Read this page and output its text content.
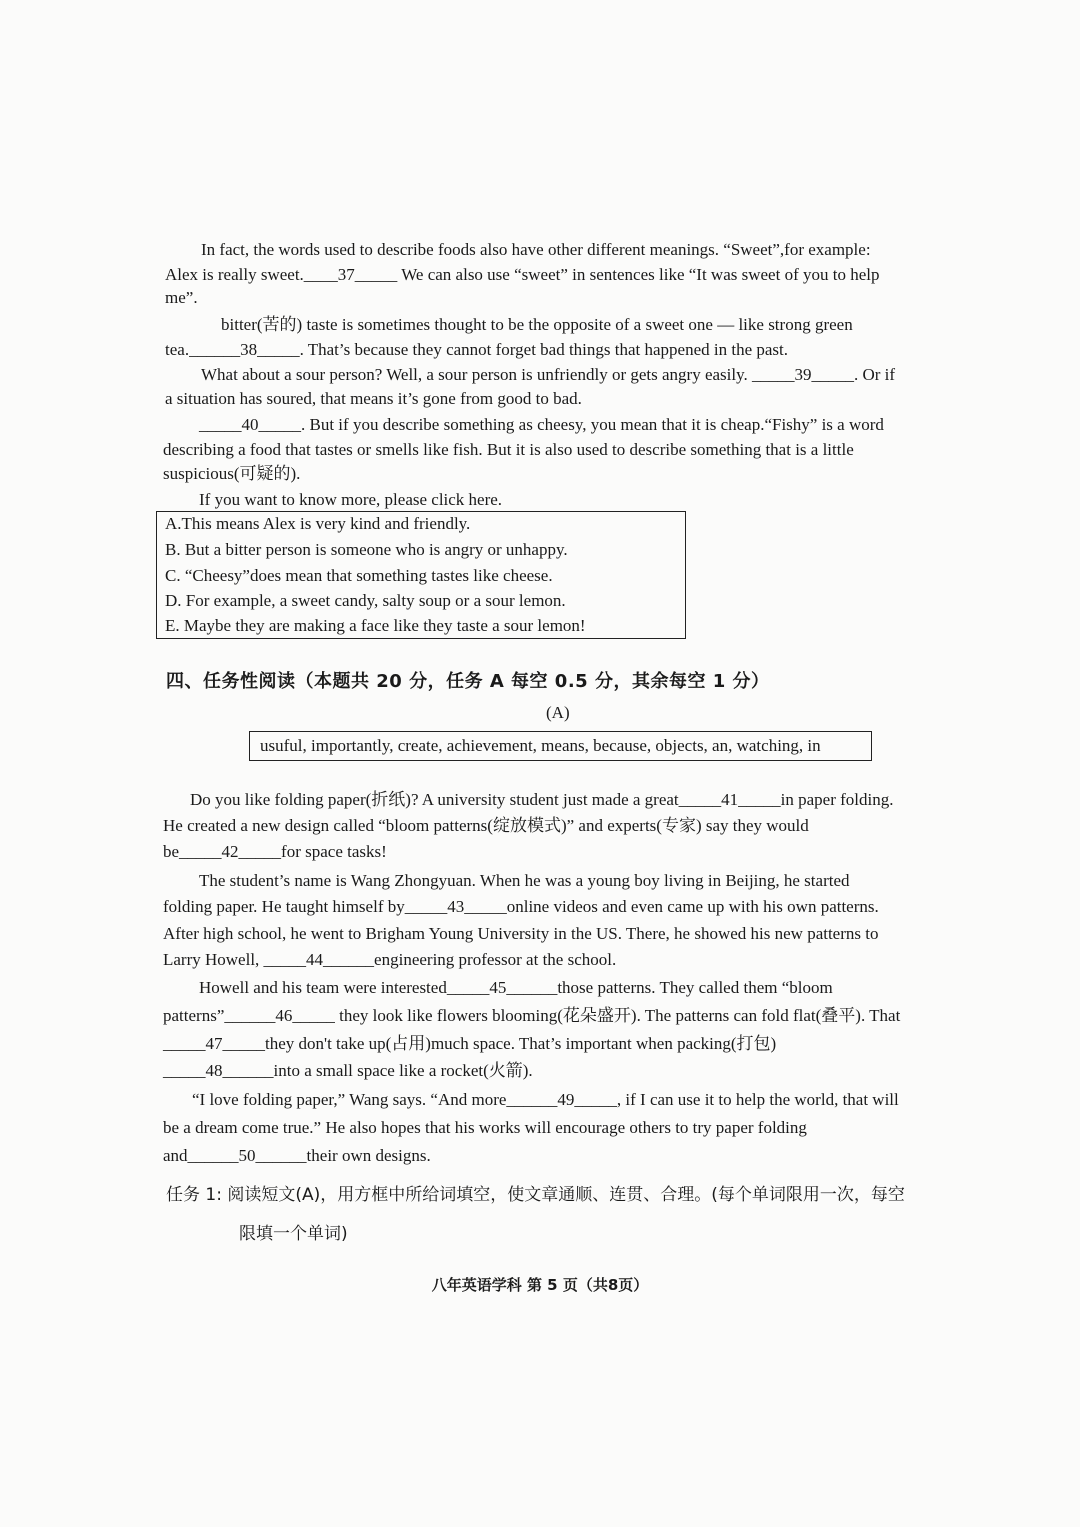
In fact, the words used to describe foods also have other different meanings. “Sweet”,for example:
Alex is really sweet.____37_____ We can also use “sweet” in sentences like “It was sweet of you to help
me”.
bitter(苦的) taste is sometimes thought to be the opposite of a sweet one — like strong green
tea.______38_____. That’s because they cannot forget bad things that happened in the past.
What about a sour person? Well, a sour person is unfriendly or gets angry easily. _____39_____. Or if
a situation has soured, that means it’s gone from good to bad.
_____40_____. But if you describe something as cheesy, you mean that it is cheap.“Fishy” is a word
describing a food that tastes or smells like fish. But it is also used to describe something that is a little
suspicious(可疑的).
If you want to know more, please click here.
A.This means Alex is very kind and friendly.
B. But a bitter person is someone who is angry or unhappy.
C. “Cheesy”does mean that something tastes like cheese.
D. For example, a sweet candy, salty soup or a sour lemon.
E. Maybe they are making a face like they taste a sour lemon!
四、任务性阅读（本题共 20 分，任务 A 每空 0.5 分，其余每空 1 分）
(A)
usuful, importantly, create, achievement, means, because, objects, an, watching, in
Do you like folding paper(折纸)? A university student just made a great_____41_____in paper folding.
He created a new design called “bloom patterns(绽放模式)” and experts(专家) say they would
be_____42_____for space tasks!
The student’s name is Wang Zhongyuan. When he was a young boy living in Beijing, he started
folding paper. He taught himself by_____43_____online videos and even came up with his own patterns.
After high school, he went to Brigham Young University in the US. There, he showed his new patterns to
Larry Howell, _____44______engineering professor at the school.
Howell and his team were interested_____45______those patterns. They called them “bloom
patterns”______46_____ they look like flowers blooming(花朵盛开). The patterns can fold flat(叠平). That
_____47_____they don't take up(占用)much space. That’s important when packing(打包)
_____48______into a small space like a rocket(火箭).
“I love folding paper,” Wang says. “And more______49_____, if I can use it to help the world, that will
be a dream come true.” He also hopes that his works will encourage others to try paper folding
and______50______their own designs.
任务 1: 阅读短文(A)，用方框中所给词填空，使文章通顺、连贯、合理。(每个单词限用一次，每空
限填一个单词)
八年英语学科 第 5 页（共8页）
